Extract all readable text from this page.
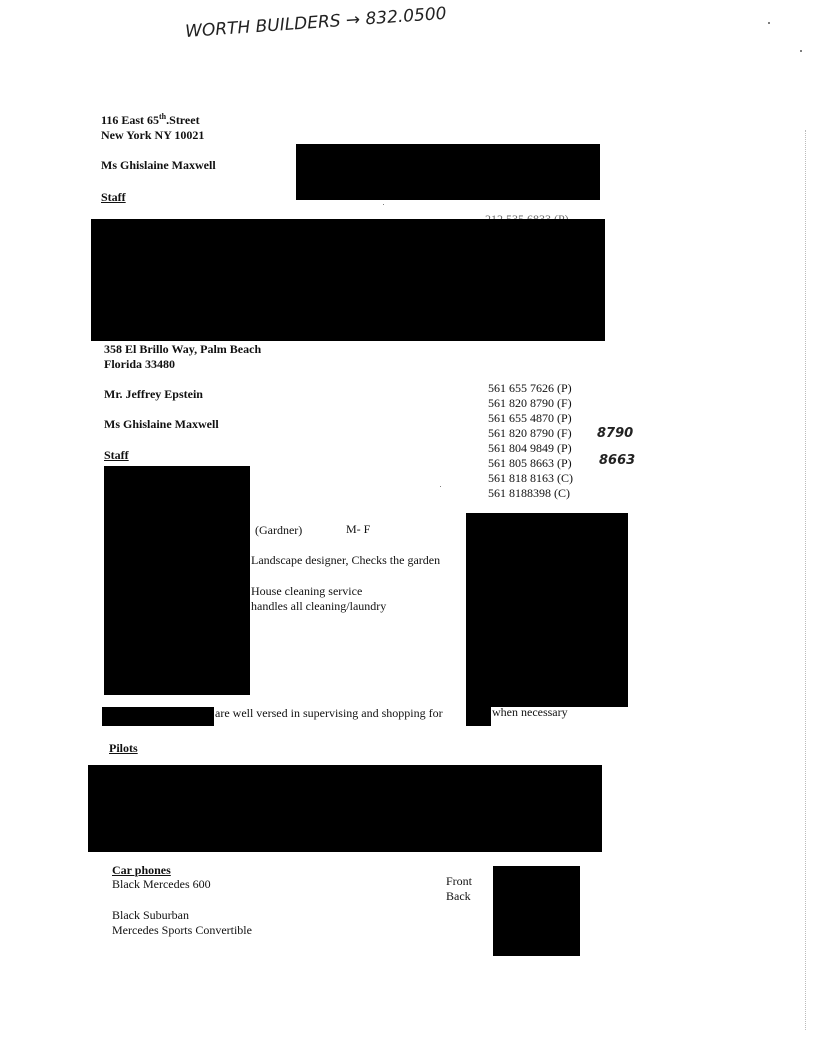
WORTH BUILDERS → 832.0500
116 East 65th.Street
New York NY 10021
Ms Ghislaine Maxwell
Staff
358 El Brillo Way, Palm Beach
Florida 33480
Mr. Jeffrey Epstein
Ms Ghislaine Maxwell
Staff
561 655 7626 (P)
561 820 8790 (F)
561 655 4870 (P)
561 820 8790 (F)
561 804 9849 (P)
561 805 8663 (P)
561 818 8163 (C)
561 8188398 (C)
8790
8663
(Gardner)	M- F
Landscape designer, Checks the garden
House cleaning service
handles all cleaning/laundry
are well versed in supervising and shopping for	when necessary
Pilots
Car phones
Black Mercedes 600
Black Suburban
Mercedes Sports Convertible
Front
Back
